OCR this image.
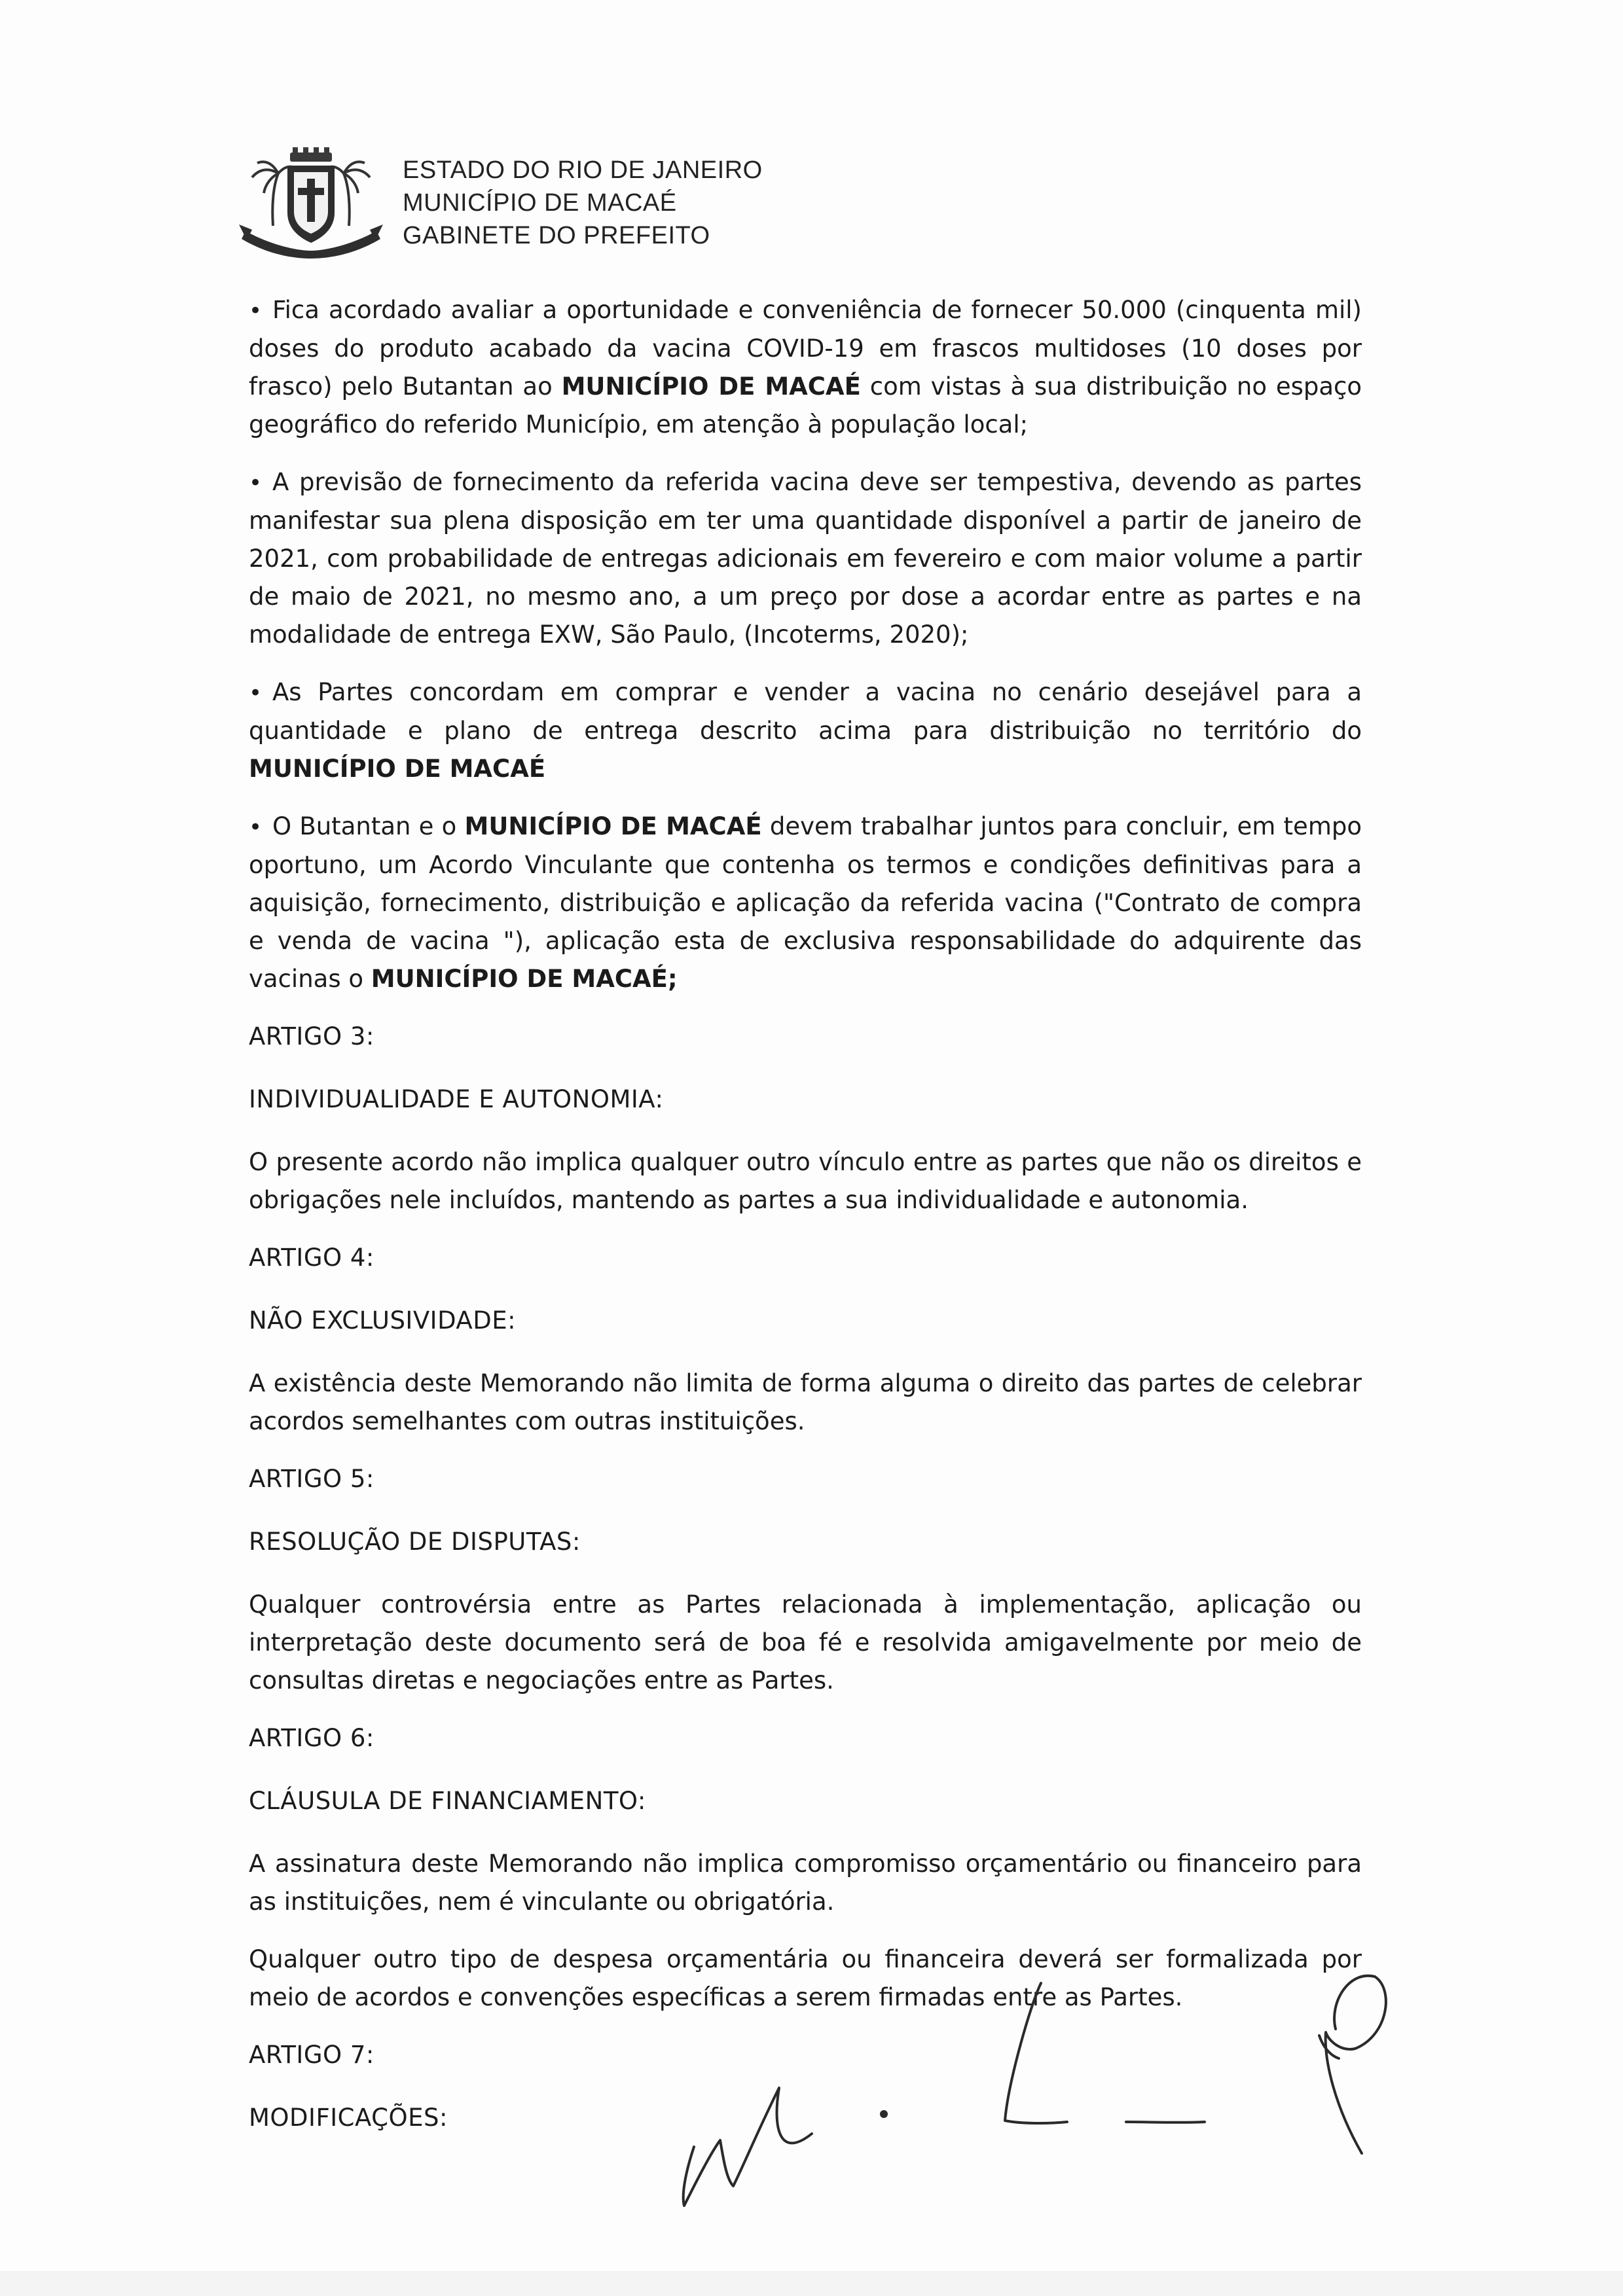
ESTADO DO RIO DE JANEIRO
MUNICÍPIO DE MACAÉ
GABINETE DO PREFEITO

• Fica acordado avaliar a oportunidade e conveniência de fornecer 50.000 (cinquenta mil) doses do produto acabado da vacina COVID-19 em frascos multidoses (10 doses por frasco) pelo Butantan ao MUNICÍPIO DE MACAÉ com vistas à sua distribuição no espaço geográfico do referido Município, em atenção à população local;

• A previsão de fornecimento da referida vacina deve ser tempestiva, devendo as partes manifestar sua plena disposição em ter uma quantidade disponível a partir de janeiro de 2021, com probabilidade de entregas adicionais em fevereiro e com maior volume a partir de maio de 2021, no mesmo ano, a um preço por dose a acordar entre as partes e na modalidade de entrega EXW, São Paulo, (Incoterms, 2020);

• As Partes concordam em comprar e vender a vacina no cenário desejável para a quantidade e plano de entrega descrito acima para distribuição no território do MUNICÍPIO DE MACAÉ

• O Butantan e o MUNICÍPIO DE MACAÉ devem trabalhar juntos para concluir, em tempo oportuno, um Acordo Vinculante que contenha os termos e condições definitivas para a aquisição, fornecimento, distribuição e aplicação da referida vacina ("Contrato de compra e venda de vacina "), aplicação esta de exclusiva responsabilidade do adquirente das vacinas o MUNICÍPIO DE MACAÉ;

ARTIGO 3:

INDIVIDUALIDADE E AUTONOMIA:

O presente acordo não implica qualquer outro vínculo entre as partes que não os direitos e obrigações nele incluídos, mantendo as partes a sua individualidade e autonomia.

ARTIGO 4:

NÃO EXCLUSIVIDADE:

A existência deste Memorando não limita de forma alguma o direito das partes de celebrar acordos semelhantes com outras instituições.

ARTIGO 5:

RESOLUÇÃO DE DISPUTAS:

Qualquer controvérsia entre as Partes relacionada à implementação, aplicação ou interpretação deste documento será de boa fé e resolvida amigavelmente por meio de consultas diretas e negociações entre as Partes.

ARTIGO 6:

CLÁUSULA DE FINANCIAMENTO:

A assinatura deste Memorando não implica compromisso orçamentário ou financeiro para as instituições, nem é vinculante ou obrigatória.

Qualquer outro tipo de despesa orçamentária ou financeira deverá ser formalizada por meio de acordos e convenções específicas a serem firmadas entre as Partes.

ARTIGO 7:

MODIFICAÇÕES:
